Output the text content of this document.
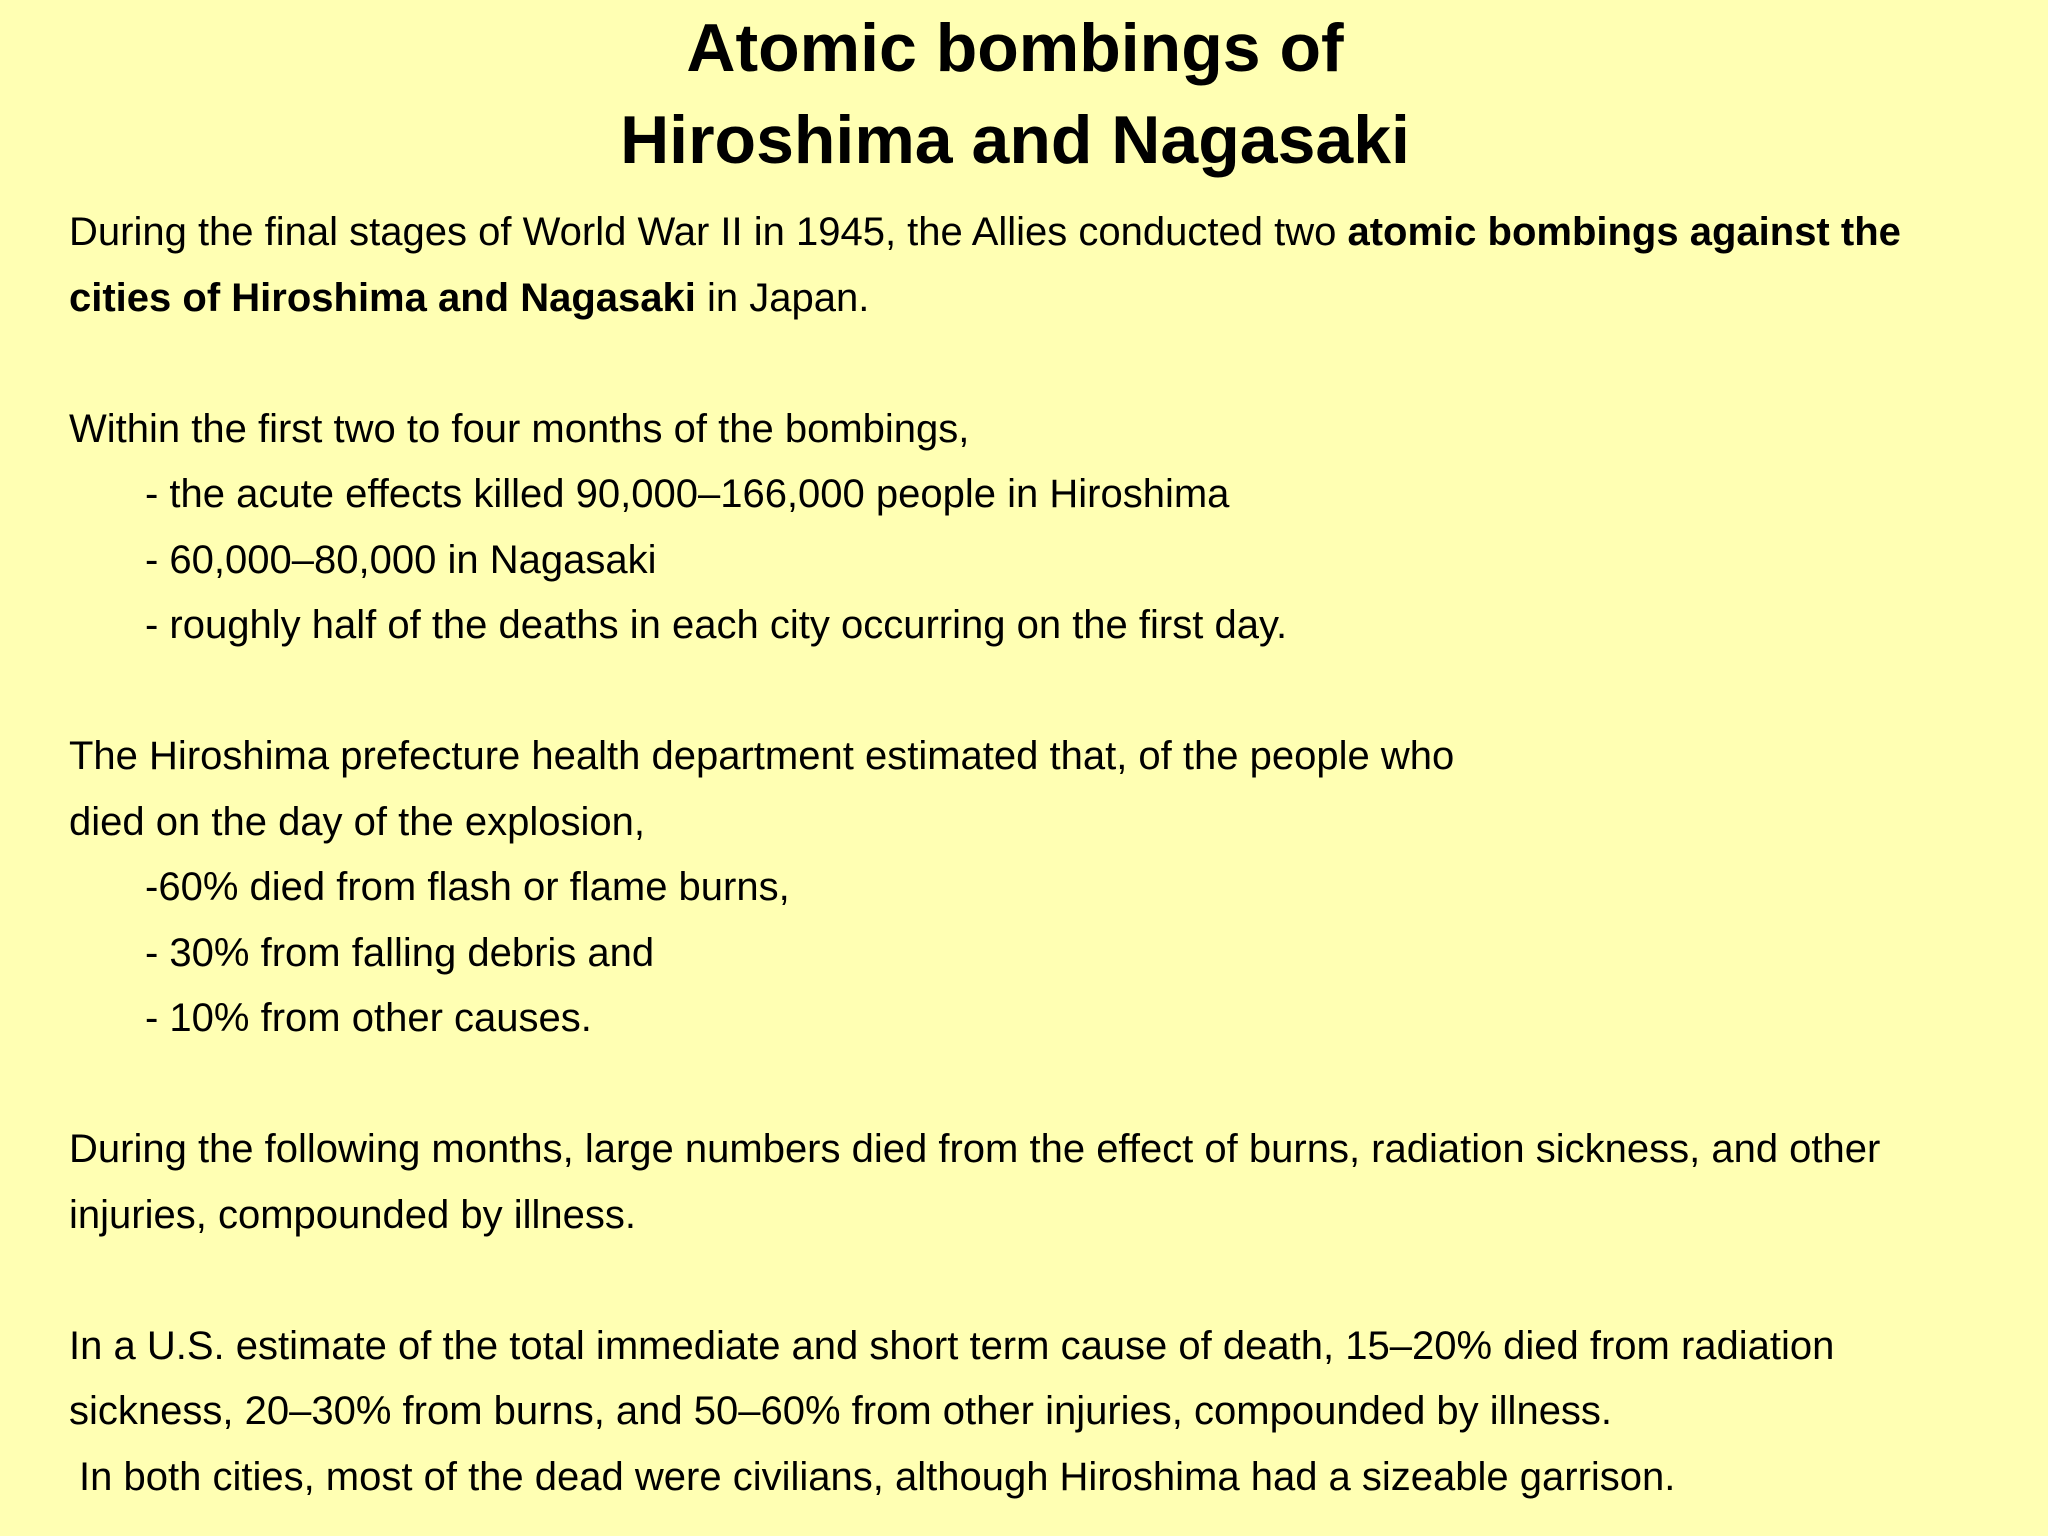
Atomic bombings of
Hiroshima and Nagasaki
During the final stages of World War II in 1945, the Allies conducted two atomic bombings against the
cities of Hiroshima and Nagasaki in Japan.
Within the first two to four months of the bombings,
- the acute effects killed 90,000–166,000 people in Hiroshima
- 60,000–80,000 in Nagasaki
- roughly half of the deaths in each city occurring on the first day.
The Hiroshima prefecture health department estimated that, of the people who
died on the day of the explosion,
-60% died from flash or flame burns,
- 30% from falling debris and
- 10% from other causes.
During the following months, large numbers died from the effect of burns, radiation sickness, and other
injuries, compounded by illness.
In a U.S. estimate of the total immediate and short term cause of death, 15–20% died from radiation
sickness, 20–30% from burns, and 50–60% from other injuries, compounded by illness.
In both cities, most of the dead were civilians, although Hiroshima had a sizeable garrison.
